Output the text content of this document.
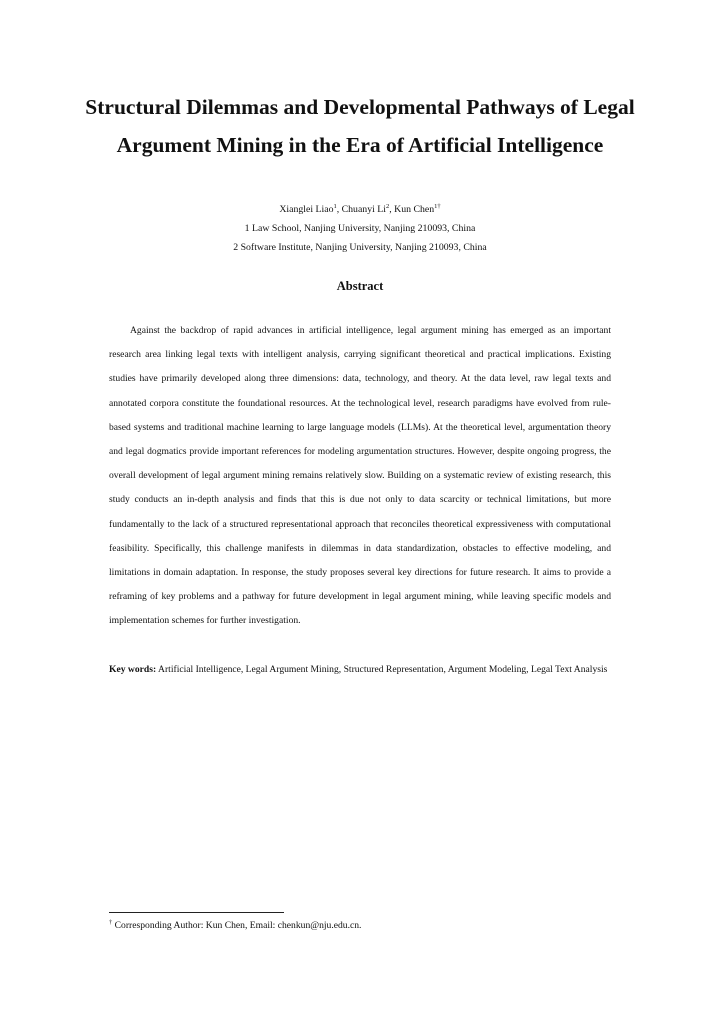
Structural Dilemmas and Developmental Pathways of Legal Argument Mining in the Era of Artificial Intelligence
Xianglei Liao$^1$, Chuanyi Li$^2$, Kun Chen$^{1\dagger}$
1 Law School, Nanjing University, Nanjing 210093, China
2 Software Institute, Nanjing University, Nanjing 210093, China
Abstract

Against the backdrop of rapid advances in artificial intelligence, legal argument mining has emerged as an important research area linking legal texts with intelligent analysis, carrying significant theoretical and practical implications. Existing studies have primarily developed along three dimensions: data, technology, and theory. At the data level, raw legal texts and annotated corpora constitute the foundational resources. At the technological level, research paradigms have evolved from rule-based systems and traditional machine learning to large language models (LLMs). At the theoretical level, argumentation theory and legal dogmatics provide important references for modeling argumentation structures. However, despite ongoing progress, the overall development of legal argument mining remains relatively slow. Building on a systematic review of existing research, this study conducts an in-depth analysis and finds that this is due not only to data scarcity or technical limitations, but more fundamentally to the lack of a structured representational approach that reconciles theoretical expressiveness with computational feasibility. Specifically, this challenge manifests in dilemmas in data standardization, obstacles to effective modeling, and limitations in domain adaptation. In response, the study proposes several key directions for future research. It aims to provide a reframing of key problems and a pathway for future development in legal argument mining, while leaving specific models and implementation schemes for further investigation.

Key words: Artificial Intelligence, Legal Argument Mining, Structured Representation, Argument Modeling, Legal Text Analysis

† Corresponding Author: Kun Chen, Email: chenkun@nju.edu.cn.
